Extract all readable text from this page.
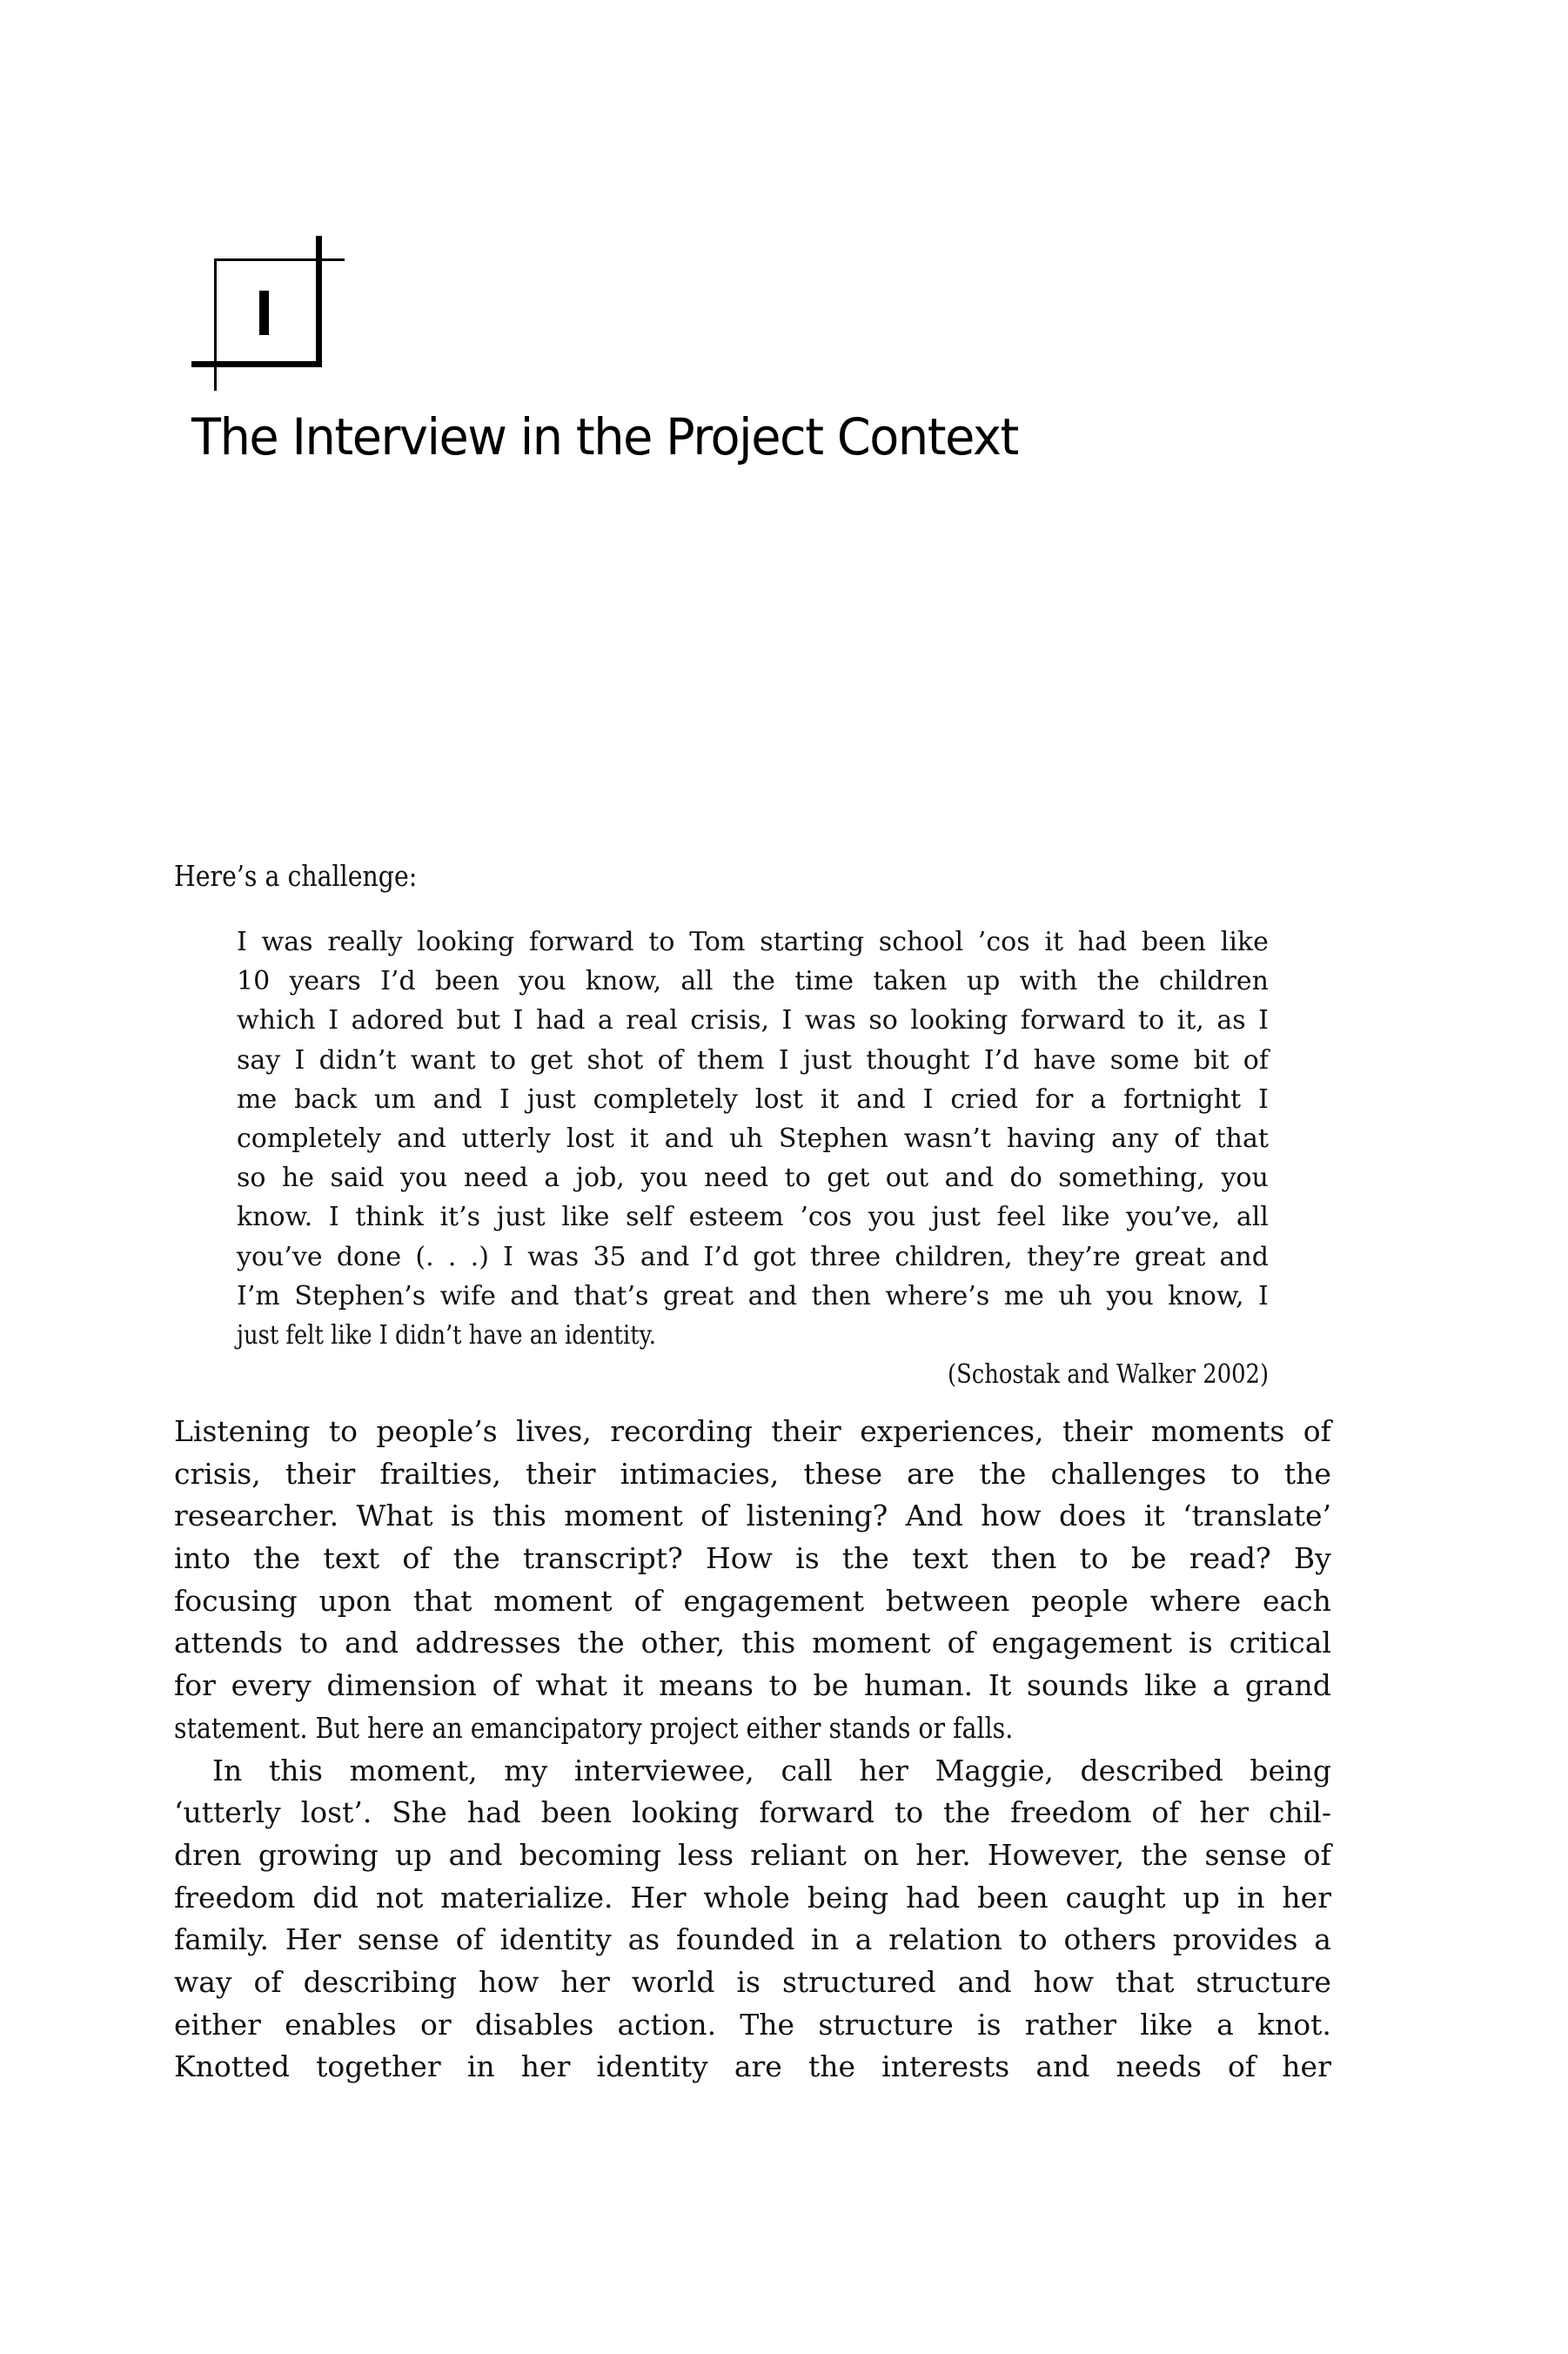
The Interview in the Project Context

Here’s a challenge:

I was really looking forward to Tom starting school ’cos it had been like
10 years I’d been you know, all the time taken up with the children
which I adored but I had a real crisis, I was so looking forward to it, as I
say I didn’t want to get shot of them I just thought I’d have some bit of
me back um and I just completely lost it and I cried for a fortnight I
completely and utterly lost it and uh Stephen wasn’t having any of that
so he said you need a job, you need to get out and do something, you
know. I think it’s just like self esteem ’cos you just feel like you’ve, all
you’ve done (. . .) I was 35 and I’d got three children, they’re great and
I’m Stephen’s wife and that’s great and then where’s me uh you know, I
just felt like I didn’t have an identity.
(Schostak and Walker 2002)
Listening to people’s lives, recording their experiences, their moments of
crisis, their frailties, their intimacies, these are the challenges to the
researcher. What is this moment of listening? And how does it ‘translate’
into the text of the transcript? How is the text then to be read? By
focusing upon that moment of engagement between people where each
attends to and addresses the other, this moment of engagement is critical
for every dimension of what it means to be human. It sounds like a grand
statement. But here an emancipatory project either stands or falls.
In this moment, my interviewee, call her Maggie, described being
‘utterly lost’. She had been looking forward to the freedom of her chil-
dren growing up and becoming less reliant on her. However, the sense of
freedom did not materialize. Her whole being had been caught up in her
family. Her sense of identity as founded in a relation to others provides a
way of describing how her world is structured and how that structure
either enables or disables action. The structure is rather like a knot.
Knotted together in her identity are the interests and needs of her
